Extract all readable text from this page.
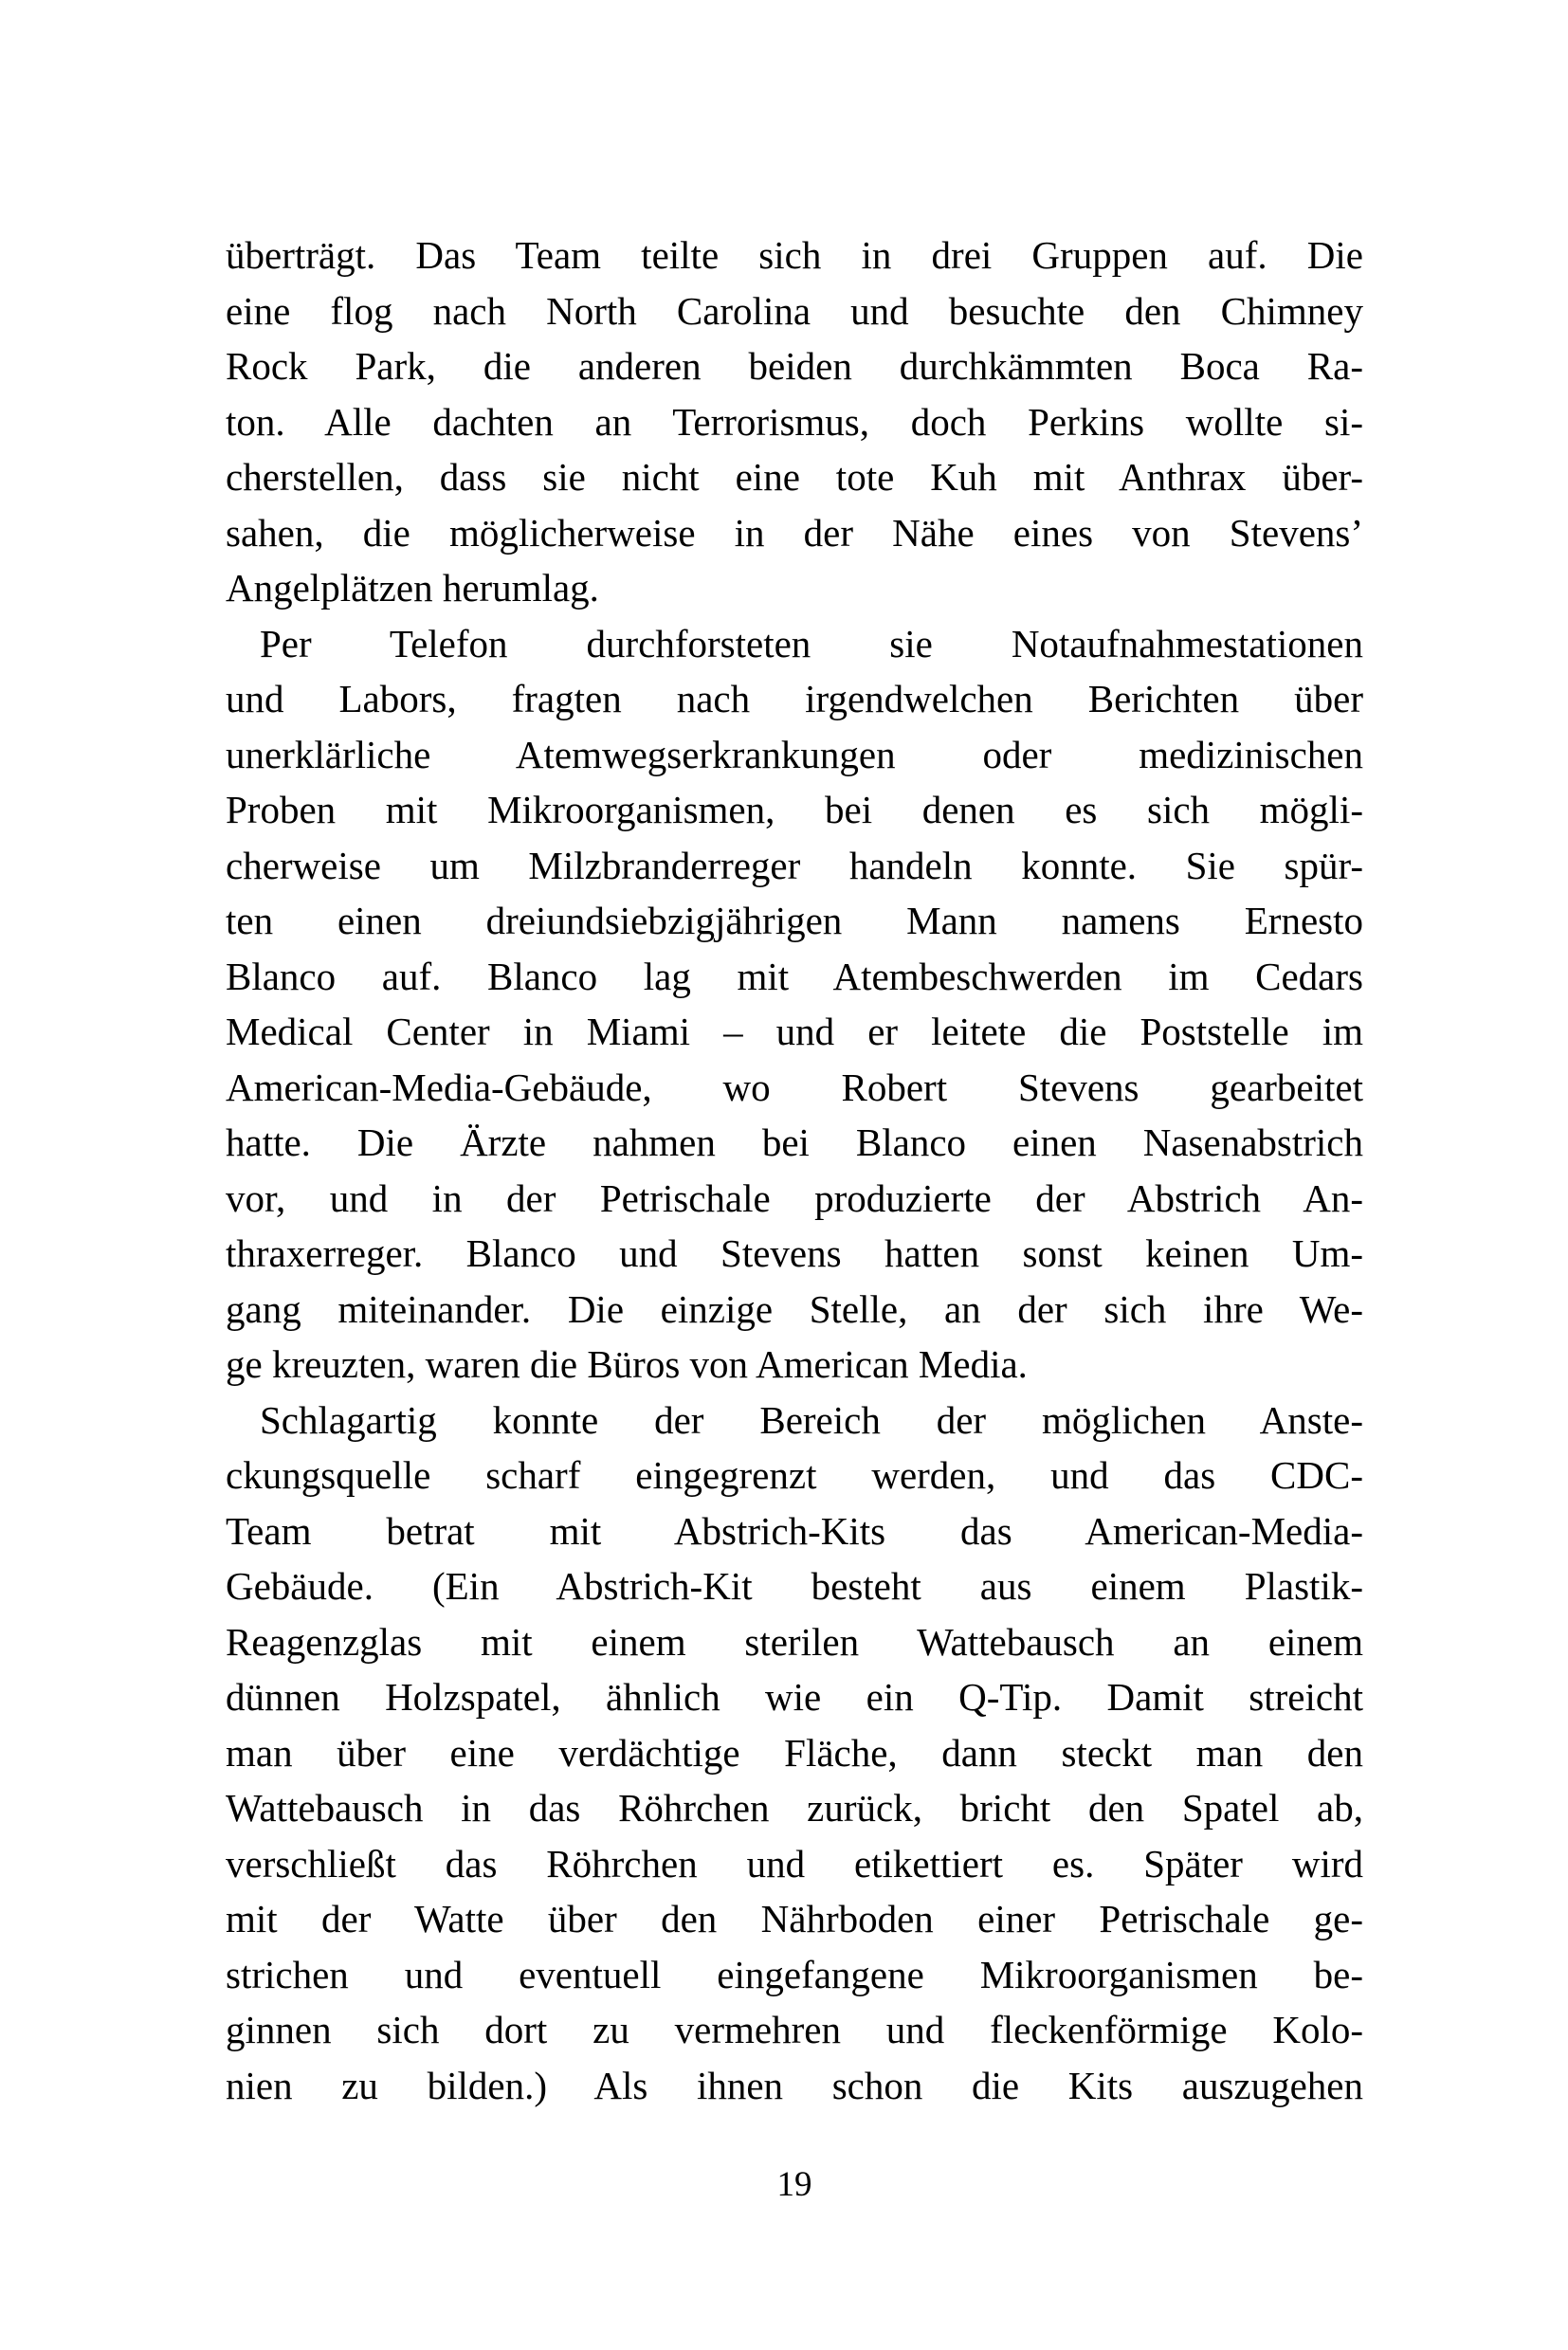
überträgt. Das Team teilte sich in drei Gruppen auf. Die
eine flog nach North Carolina und besuchte den Chimney
Rock Park, die anderen beiden durchkämmten Boca Ra-
ton. Alle dachten an Terrorismus, doch Perkins wollte si-
cherstellen, dass sie nicht eine tote Kuh mit Anthrax über-
sahen, die möglicherweise in der Nähe eines von Stevens’
Angelplätzen herumlag.
Per Telefon durchforsteten sie Notaufnahmestationen
und Labors, fragten nach irgendwelchen Berichten über
unerklärliche Atemwegserkrankungen oder medizinischen
Proben mit Mikroorganismen, bei denen es sich mögli-
cherweise um Milzbranderreger handeln konnte. Sie spür-
ten einen dreiundsiebzigjährigen Mann namens Ernesto
Blanco auf. Blanco lag mit Atembeschwerden im Cedars
Medical Center in Miami – und er leitete die Poststelle im
American-Media-Gebäude, wo Robert Stevens gearbeitet
hatte. Die Ärzte nahmen bei Blanco einen Nasenabstrich
vor, und in der Petrischale produzierte der Abstrich An-
thraxerreger. Blanco und Stevens hatten sonst keinen Um-
gang miteinander. Die einzige Stelle, an der sich ihre We-
ge kreuzten, waren die Büros von American Media.
Schlagartig konnte der Bereich der möglichen Anste-
ckungsquelle scharf eingegrenzt werden, und das CDC-
Team betrat mit Abstrich-Kits das American-Media-
Gebäude. (Ein Abstrich-Kit besteht aus einem Plastik-
Reagenzglas mit einem sterilen Wattebausch an einem
dünnen Holzspatel, ähnlich wie ein Q-Tip. Damit streicht
man über eine verdächtige Fläche, dann steckt man den
Wattebausch in das Röhrchen zurück, bricht den Spatel ab,
verschließt das Röhrchen und etikettiert es. Später wird
mit der Watte über den Nährboden einer Petrischale ge-
strichen und eventuell eingefangene Mikroorganismen be-
ginnen sich dort zu vermehren und fleckenförmige Kolo-
nien zu bilden.) Als ihnen schon die Kits auszugehen
19
